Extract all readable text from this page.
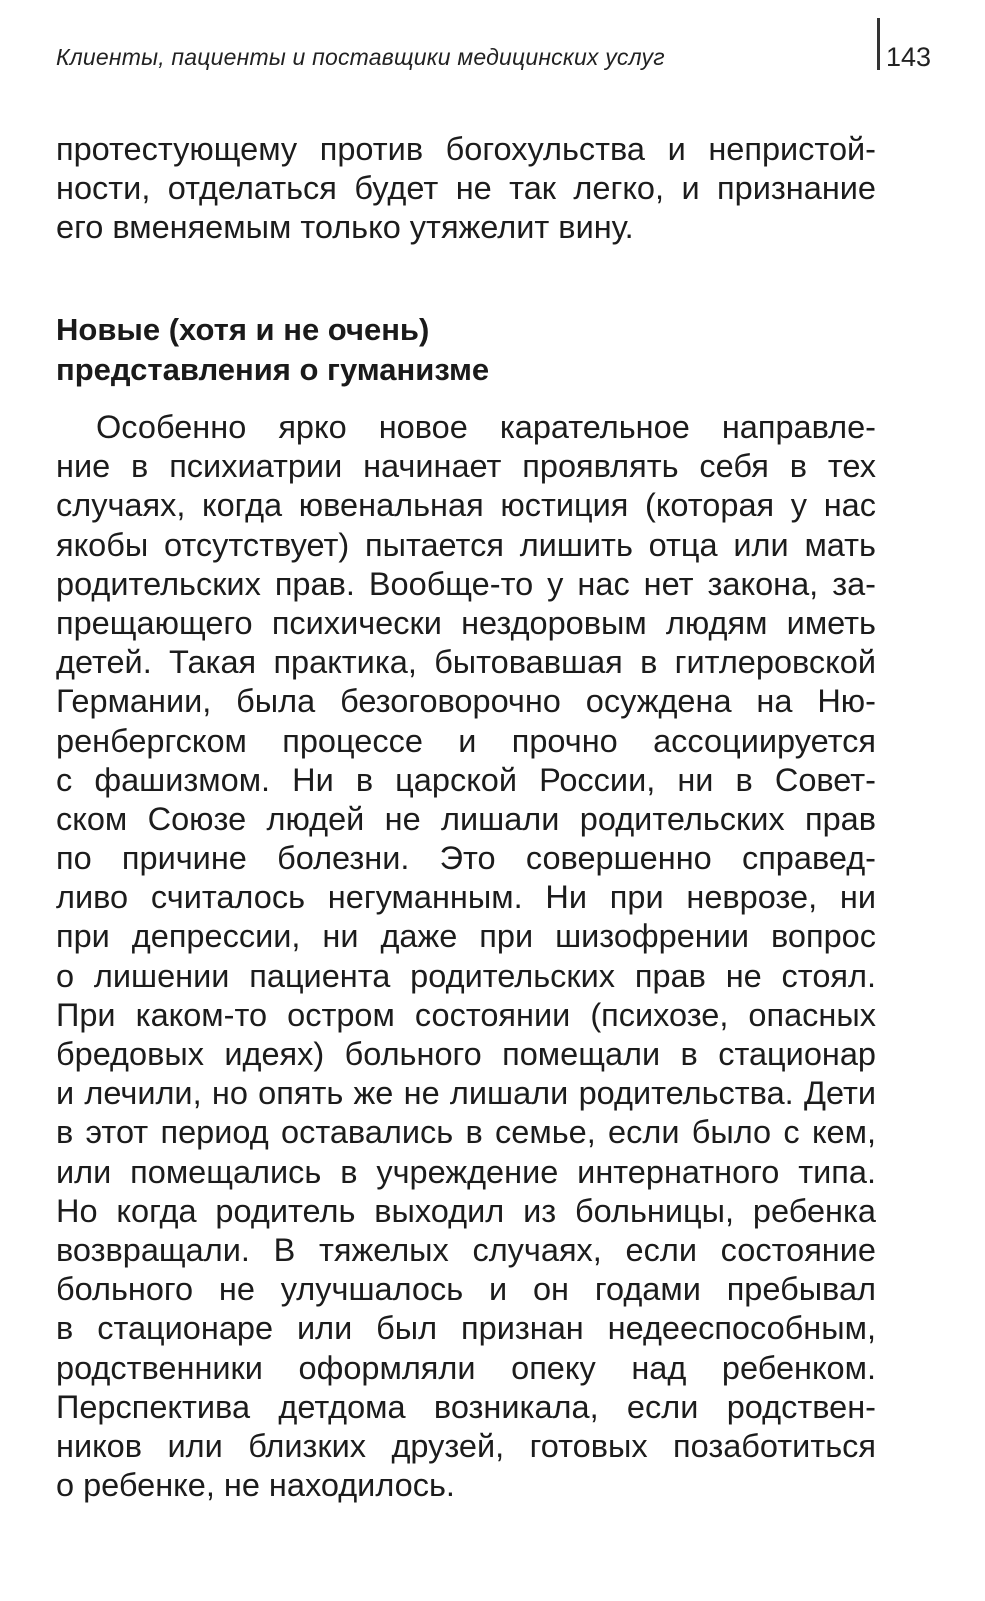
Клиенты, пациенты и поставщики медицинских услуг	143
протестующему против богохульства и непристой-
ности, отделаться будет не так легко, и признание
его вменяемым только утяжелит вину.
Новые (хотя и не очень)
представления о гуманизме
Особенно ярко новое карательное направле-
ние в психиатрии начинает проявлять себя в тех
случаях, когда ювенальная юстиция (которая у нас
якобы отсутствует) пытается лишить отца или мать
родительских прав. Вообще-то у нас нет закона, за-
прещающего психически нездоровым людям иметь
детей. Такая практика, бытовавшая в гитлеровской
Германии, была безоговорочно осуждена на Ню-
ренбергском процессе и прочно ассоциируется
с фашизмом. Ни в царской России, ни в Совет-
ском Союзе людей не лишали родительских прав
по причине болезни. Это совершенно справед-
ливо считалось негуманным. Ни при неврозе, ни
при депрессии, ни даже при шизофрении вопрос
о лишении пациента родительских прав не стоял.
При каком-то остром состоянии (психозе, опасных
бредовых идеях) больного помещали в стационар
и лечили, но опять же не лишали родительства. Дети
в этот период оставались в семье, если было с кем,
или помещались в учреждение интернатного типа.
Но когда родитель выходил из больницы, ребенка
возвращали. В тяжелых случаях, если состояние
больного не улучшалось и он годами пребывал
в стационаре или был признан недееспособным,
родственники оформляли опеку над ребенком.
Перспектива детдома возникала, если родствен-
ников или близких друзей, готовых позаботиться
о ребенке, не находилось.
